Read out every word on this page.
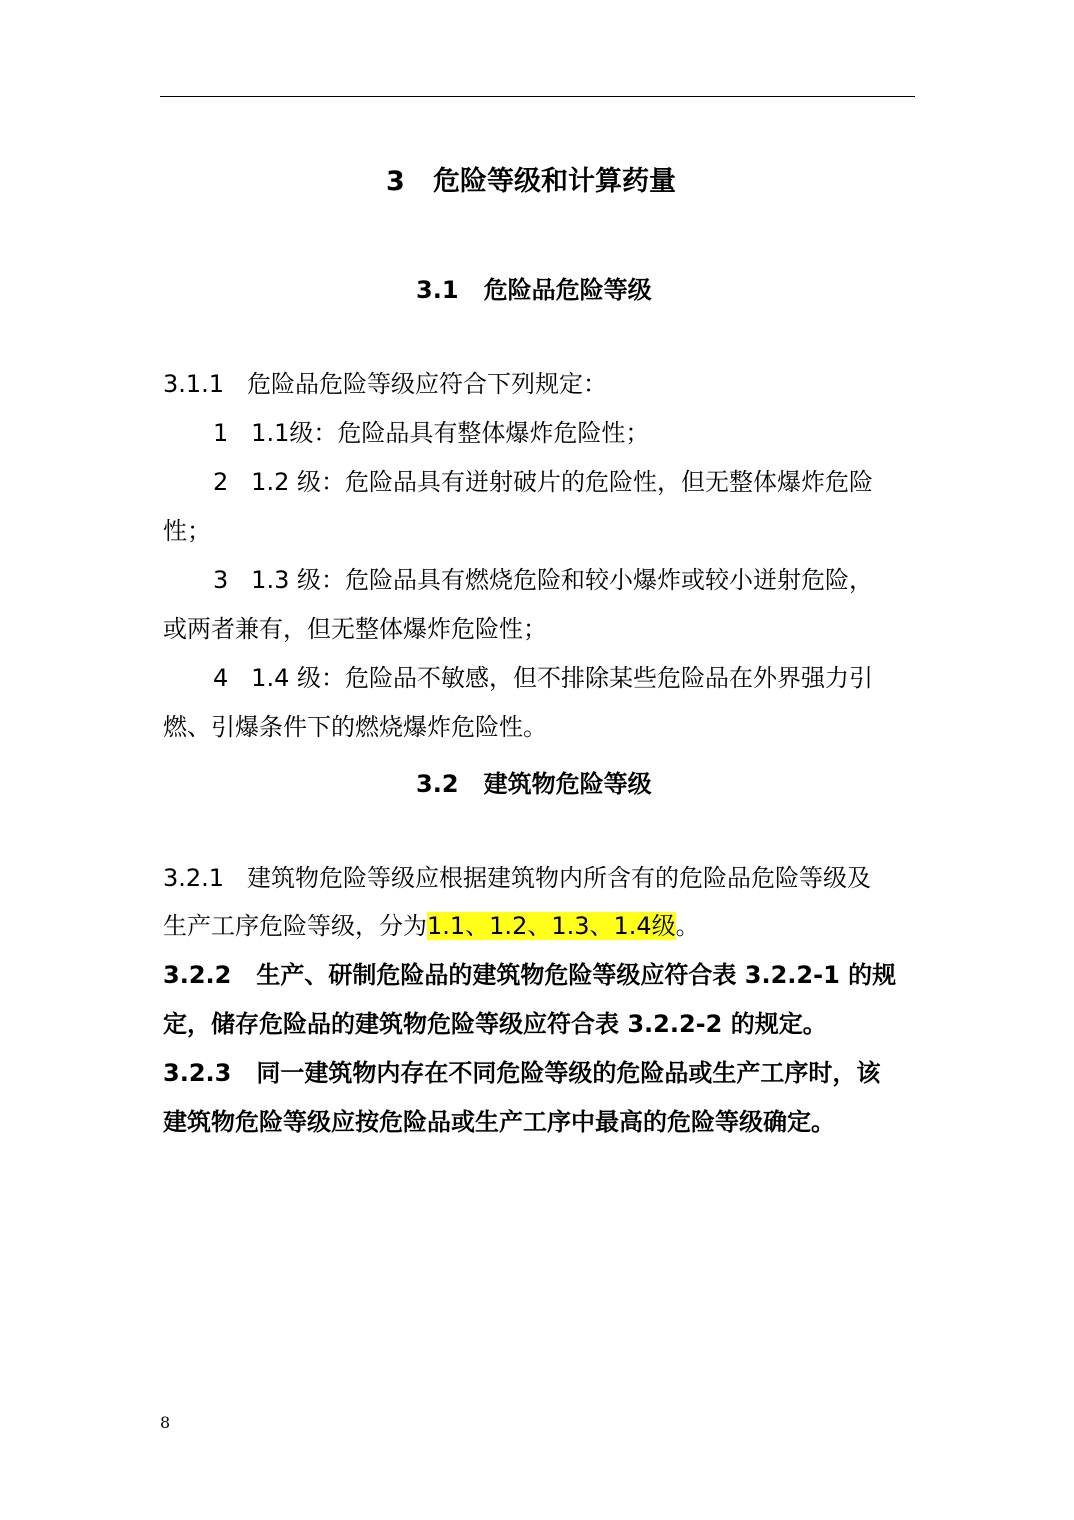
3 危险等级和计算药量
3.1 危险品危险等级
3.1.1 危险品危险等级应符合下列规定：
1 1.1级：危险品具有整体爆炸危险性；
2 1.2 级：危险品具有迸射破片的危险性，但无整体爆炸危险
性；
3 1.3 级：危险品具有燃烧危险和较小爆炸或较小迸射危险，
或两者兼有，但无整体爆炸危险性；
4 1.4 级：危险品不敏感，但不排除某些危险品在外界强力引
燃、引爆条件下的燃烧爆炸危险性。
3.2 建筑物危险等级
3.2.1 建筑物危险等级应根据建筑物内所含有的危险品危险等级及
生产工序危险等级，分为1.1、1.2、1.3、1.4级。
3.2.2 生产、研制危险品的建筑物危险等级应符合表 3.2.2-1 的规
定，储存危险品的建筑物危险等级应符合表 3.2.2-2 的规定。
3.2.3 同一建筑物内存在不同危险等级的危险品或生产工序时，该
建筑物危险等级应按危险品或生产工序中最高的危险等级确定。
8
